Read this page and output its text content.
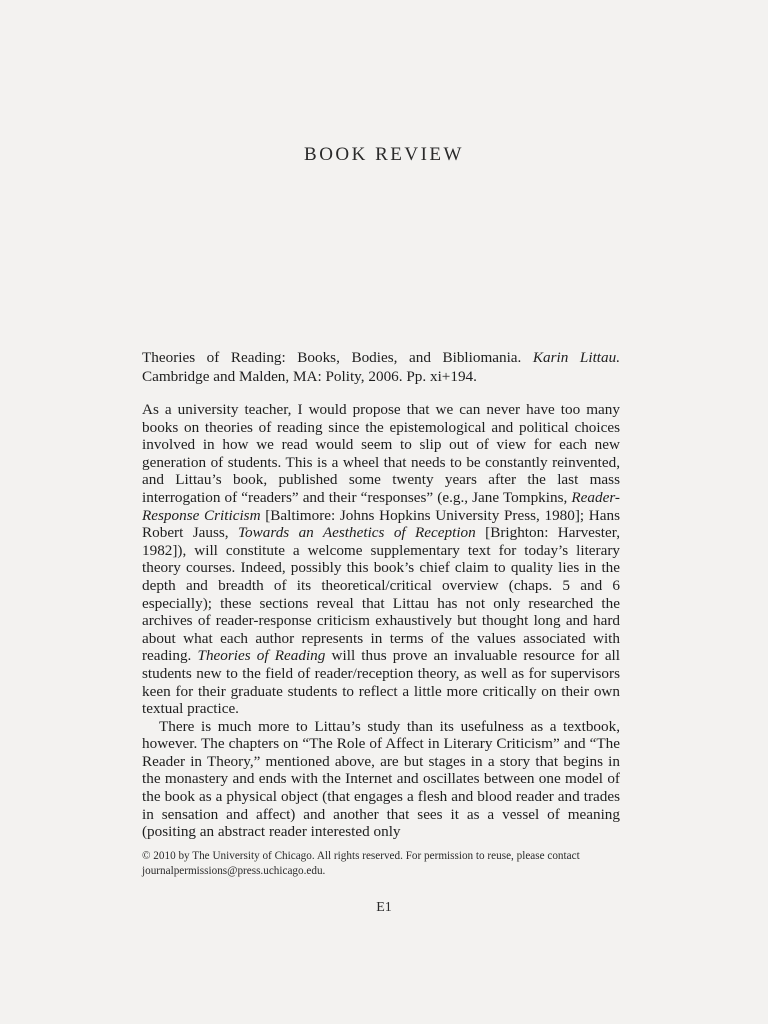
BOOK REVIEW
Theories of Reading: Books, Bodies, and Bibliomania. Karin Littau. Cambridge and Malden, MA: Polity, 2006. Pp. xi+194.

As a university teacher, I would propose that we can never have too many books on theories of reading since the epistemological and political choices involved in how we read would seem to slip out of view for each new generation of students. This is a wheel that needs to be constantly reinvented, and Littau’s book, published some twenty years after the last mass interrogation of “readers” and their “responses” (e.g., Jane Tompkins, Reader-Response Criticism [Baltimore: Johns Hopkins University Press, 1980]; Hans Robert Jauss, Towards an Aesthetics of Reception [Brighton: Harvester, 1982]), will constitute a welcome supplementary text for today’s literary theory courses. Indeed, possibly this book’s chief claim to quality lies in the depth and breadth of its theoretical/critical overview (chaps. 5 and 6 especially); these sections reveal that Littau has not only researched the archives of reader-response criticism exhaustively but thought long and hard about what each author represents in terms of the values associated with reading. Theories of Reading will thus prove an invaluable resource for all students new to the field of reader/reception theory, as well as for supervisors keen for their graduate students to reflect a little more critically on their own textual practice.

There is much more to Littau’s study than its usefulness as a textbook, however. The chapters on “The Role of Affect in Literary Criticism” and “The Reader in Theory,” mentioned above, are but stages in a story that begins in the monastery and ends with the Internet and oscillates between one model of the book as a physical object (that engages a flesh and blood reader and trades in sensation and affect) and another that sees it as a vessel of meaning (positing an abstract reader interested only

© 2010 by The University of Chicago. All rights reserved. For permission to reuse, please contact journalpermissions@press.uchicago.edu.
E1
